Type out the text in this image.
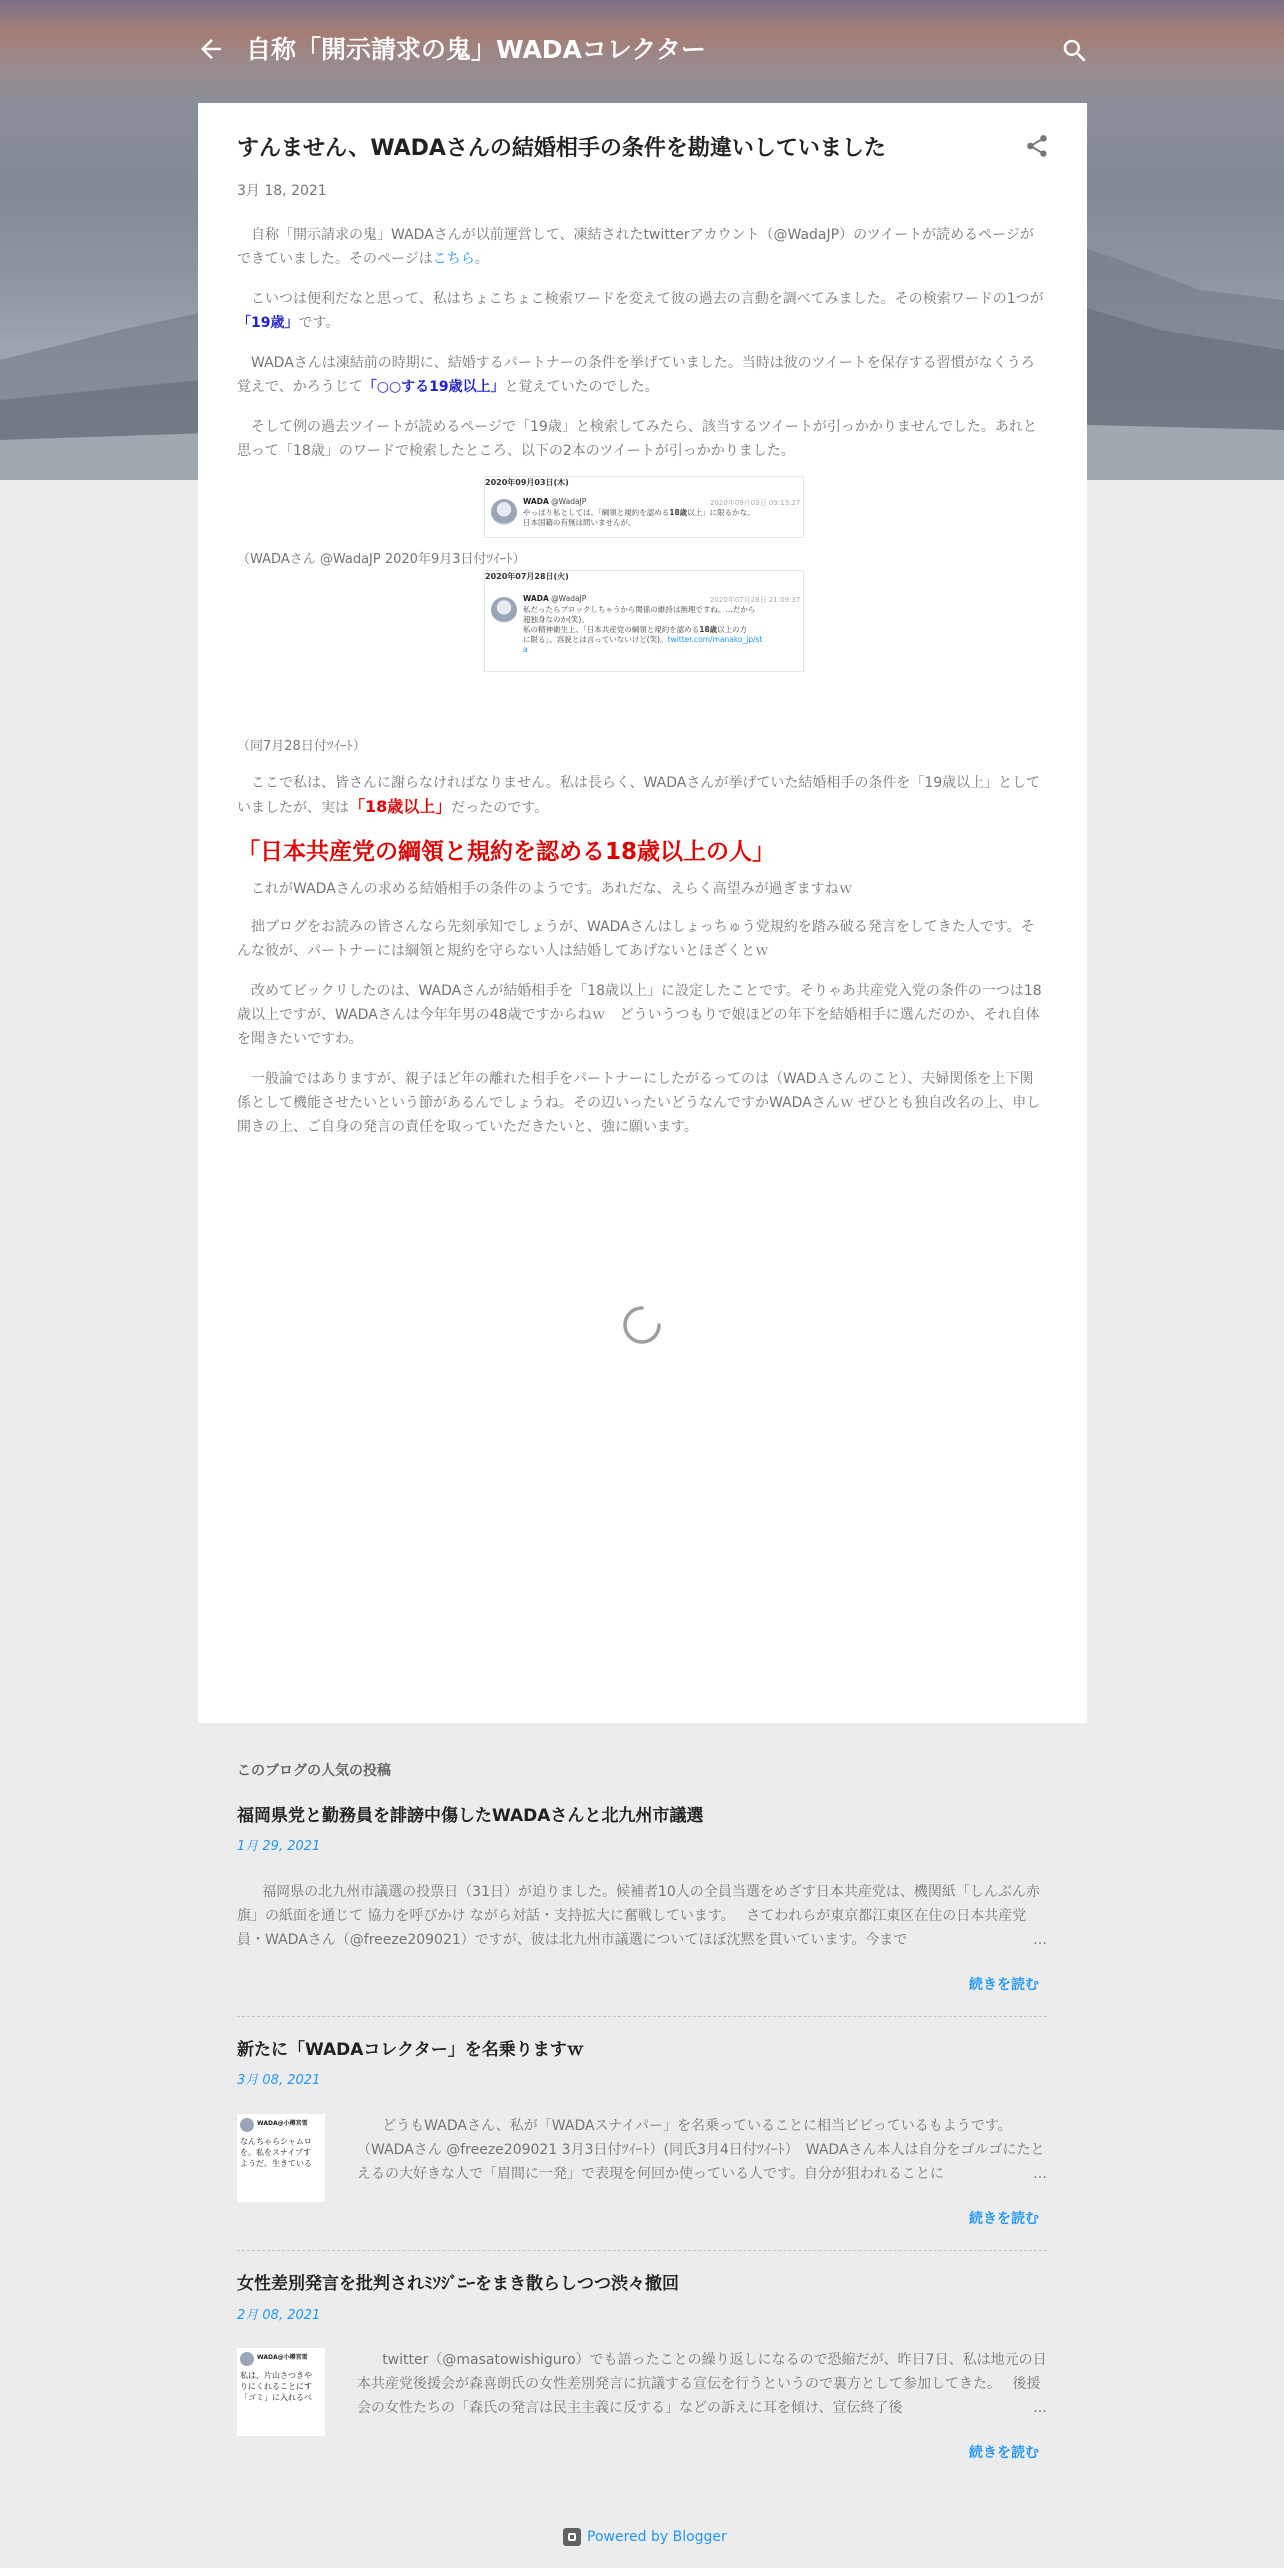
自称「開示請求の鬼」WADAコレクター
すんません、WADAさんの結婚相手の条件を勘違いしていました
3月 18, 2021

　自称「開示請求の鬼」WADAさんが以前運営して、凍結されたtwitterアカウント（@WadaJP）のツイートが読めるページができていました。そのページはこちら。

　こいつは便利だなと思って、私はちょこちょこ検索ワードを変えて彼の過去の言動を調べてみました。その検索ワードの1つが「19歳」です。

　WADAさんは凍結前の時期に、結婚するパートナーの条件を挙げていました。当時は彼のツイートを保存する習慣がなくうろ覚えで、かろうじて「○○する19歳以上」と覚えていたのでした。

　そして例の過去ツイートが読めるページで「19歳」と検索してみたら、該当するツイートが引っかかりませんでした。あれと思って「18歳」のワードで検索したところ、以下の2本のツイートが引っかかりました。

2020年09月03日(木)
WADA @WadaJP	2020年09月03日 09:13:27
やっぱり私としては、「綱領と規約を認める18歳以上」に限るかな。
日本国籍の有無は問いませんが。
（WADAさん @WadaJP 2020年9月3日付ﾂｲｰﾄ）
2020年07月28日(火)
WADA @WadaJP	2020年07月28日 21:09:37
私だったらブロックしちゃうから関係の維持は無理ですね。…だから
超独身なのか(笑)。
私の精神衛生上、「日本共産党の綱領と規約を認める18歳以上の方
に限る」、容貌とは言っていないけど(笑)。twitter.com/manako_jp/st
a
（同7月28日付ﾂｲｰﾄ）

　ここで私は、皆さんに謝らなければなりません。私は長らく、WADAさんが挙げていた結婚相手の条件を「19歳以上」としていましたが、実は「18歳以上」だったのです。

「日本共産党の綱領と規約を認める18歳以上の人」

　これがWADAさんの求める結婚相手の条件のようです。あれだな、えらく高望みが過ぎますねｗ

　拙ブログをお読みの皆さんなら先刻承知でしょうが、WADAさんはしょっちゅう党規約を踏み破る発言をしてきた人です。そんな彼が、パートナーには綱領と規約を守らない人は結婚してあげないとほざくとｗ

　改めてビックリしたのは、WADAさんが結婚相手を「18歳以上」に設定したことです。そりゃあ共産党入党の条件の一つは18歳以上ですが、WADAさんは今年年男の48歳ですからねｗ　どういうつもりで娘ほどの年下を結婚相手に選んだのか、それ自体を聞きたいですわ。

　一般論ではありますが、親子ほど年の離れた相手をパートナーにしたがるってのは（WADＡさんのこと）、夫婦関係を上下関係として機能させたいという節があるんでしょうね。その辺いったいどうなんですかWADAさんｗ ぜひとも独自改名の上、申し開きの上、ご自身の発言の責任を取っていただきたいと、強に願います。

このブログの人気の投稿
福岡県党と勤務員を誹謗中傷したWADAさんと北九州市議選
1月 29, 2021
福岡県の北九州市議選の投票日（31日）が迫りました。候補者10人の全員当選をめざす日本共産党は、機関紙「しんぶん赤旗」の紙面を通じて 協力を呼びかけ ながら対話・支持拡大に奮戦しています。　 さてわれらが東京都江東区在住の日本共産党員・WADAさん（@freeze209021）ですが、彼は北九州市議選についてほぼ沈黙を貫いています。今まで …
続きを読む
新たに「WADAコレクター」を名乗りますｗ
3月 08, 2021
WADA@小樽宮雪
なんちゃらシャムロ
を。私をスナイプす
ようだ。生きている
どうもWADAさん、私が「WADAスナイパー」を名乗っていることに相当ビビっているもようです。（WADAさん @freeze209021 3月3日付ﾂｲｰﾄ）(同氏3月4日付ﾂｲｰﾄ）　WADAさん本人は自分をゴルゴにたとえるの大好きな人で「眉間に一発」で表現を何回か使っている人です。自分が狙われることに …
続きを読む
女性差別発言を批判されﾐｿｼﾞﾆｰをまき散らしつつ渋々撤回
2月 08, 2021
WADA@小樽宮雪
私は、片山さつきや
りにくれることにす
「ゴミ」に入れるべ
twitter（@masatowishiguro）でも語ったことの繰り返しになるので恐縮だが、昨日7日、私は地元の日本共産党後援会が森喜朗氏の女性差別発言に抗議する宣伝を行うというので裏方として参加してきた。　 後援会の女性たちの「森氏の発言は民主主義に反する」などの訴えに耳を傾け、宣伝終了後 …
続きを読む
Powered by Blogger
